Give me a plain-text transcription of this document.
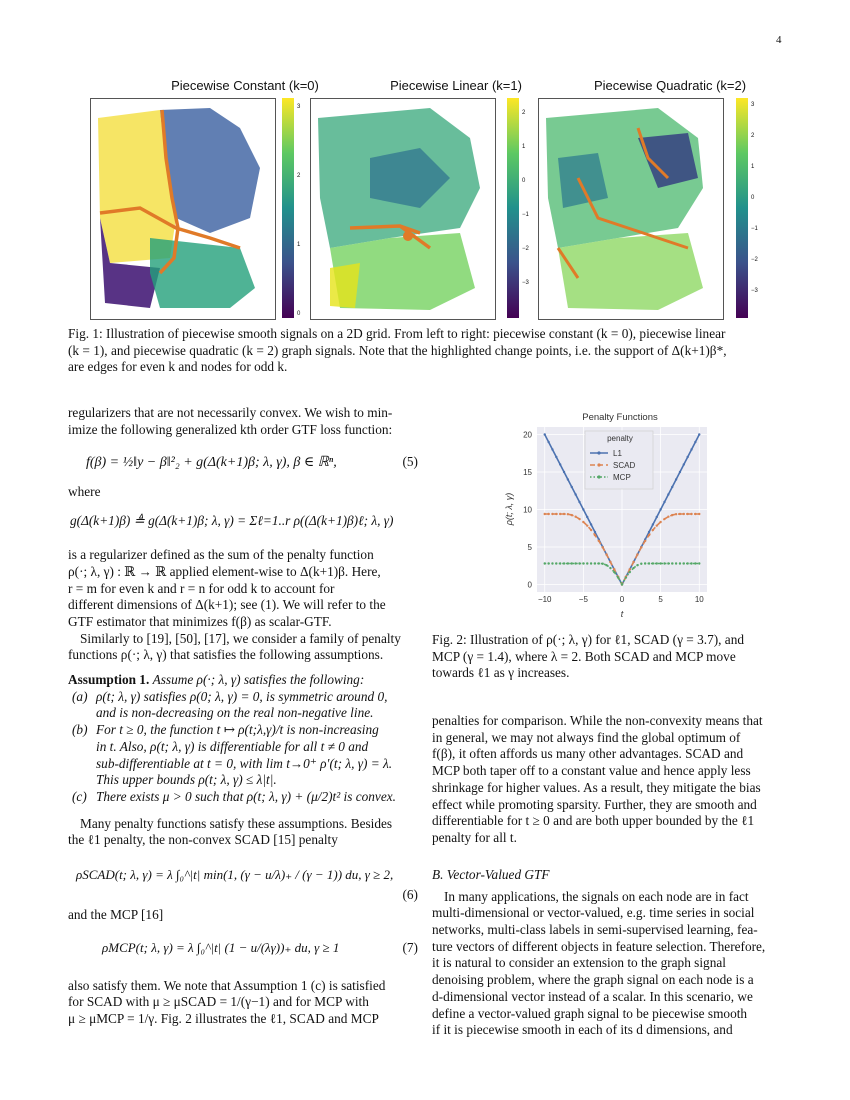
4
Piecewise Constant (k=0)	Piecewise Linear (k=1)	Piecewise Quadratic (k=2)
3
2
1
0
2
1
0
−1
−2
−3
3
2
1
0
−1
−2
−3
Fig. 1: Illustration of piecewise smooth signals on a 2D grid. From left to right: piecewise constant (k = 0), piecewise linear
(k = 1), and piecewise quadratic (k = 2) graph signals. Note that the highlighted change points, i.e. the support of Δ(k+1)β*,
are edges for even k and nodes for odd k.
regularizers that are not necessarily convex. We wish to min-
imize the following generalized kth order GTF loss function:
f(β) = ½‖y − β‖²₂ + g(Δ(k+1)β; λ, γ), β ∈ ℝⁿ,	(5)
where
g(Δ(k+1)β) ≜ g(Δ(k+1)β; λ, γ) = Σℓ=1..r ρ((Δ(k+1)β)ℓ; λ, γ)
is a regularizer defined as the sum of the penalty function
ρ(·; λ, γ) : ℝ → ℝ applied element-wise to Δ(k+1)β. Here,
r = m for even k and r = n for odd k to account for
different dimensions of Δ(k+1); see (1). We will refer to the
GTF estimator that minimizes f(β) as scalar-GTF.
Similarly to [19], [50], [17], we consider a family of penalty
functions ρ(·; λ, γ) that satisfies the following assumptions.
Assumption 1. Assume ρ(·; λ, γ) satisfies the following:
(a) ρ(t; λ, γ) satisfies ρ(0; λ, γ) = 0, is symmetric around 0,
and is non-decreasing on the real non-negative line.
(b) For t ≥ 0, the function t ↦ ρ(t;λ,γ)/t is non-increasing
in t. Also, ρ(t; λ, γ) is differentiable for all t ≠ 0 and
sub-differentiable at t = 0, with lim t→0⁺ ρ′(t; λ, γ) = λ.
This upper bounds ρ(t; λ, γ) ≤ λ|t|.
(c) There exists μ > 0 such that ρ(t; λ, γ) + (μ/2)t² is convex.
Many penalty functions satisfy these assumptions. Besides
the ℓ1 penalty, the non-convex SCAD [15] penalty
ρSCAD(t; λ, γ) = λ ∫₀^|t| min(1, (γ − u/λ)₊ / (γ − 1)) du, γ ≥ 2,
(6)
and the MCP [16]
ρMCP(t; λ, γ) = λ ∫₀^|t| (1 − u/(λγ))₊ du, γ ≥ 1	(7)
also satisfy them. We note that Assumption 1 (c) is satisfied
for SCAD with μ ≥ μSCAD = 1/(γ−1) and for MCP with
μ ≥ μMCP = 1/γ. Fig. 2 illustrates the ℓ1, SCAD and MCP
Penalty Functions
−10	−5	0	5	10
0
5
10
15
20
ρ(t; λ, γ)
t
penalty
L1
SCAD
MCP
Fig. 2: Illustration of ρ(·; λ, γ) for ℓ1, SCAD (γ = 3.7), and
MCP (γ = 1.4), where λ = 2. Both SCAD and MCP move
towards ℓ1 as γ increases.
penalties for comparison. While the non-convexity means that
in general, we may not always find the global optimum of
f(β), it often affords us many other advantages. SCAD and
MCP both taper off to a constant value and hence apply less
shrinkage for higher values. As a result, they mitigate the bias
effect while promoting sparsity. Further, they are smooth and
differentiable for t ≥ 0 and are both upper bounded by the ℓ1
penalty for all t.
B. Vector-Valued GTF
In many applications, the signals on each node are in fact
multi-dimensional or vector-valued, e.g. time series in social
networks, multi-class labels in semi-supervised learning, fea-
ture vectors of different objects in feature selection. Therefore,
it is natural to consider an extension to the graph signal
denoising problem, where the graph signal on each node is a
d-dimensional vector instead of a scalar. In this scenario, we
define a vector-valued graph signal to be piecewise smooth
if it is piecewise smooth in each of its d dimensions, and
